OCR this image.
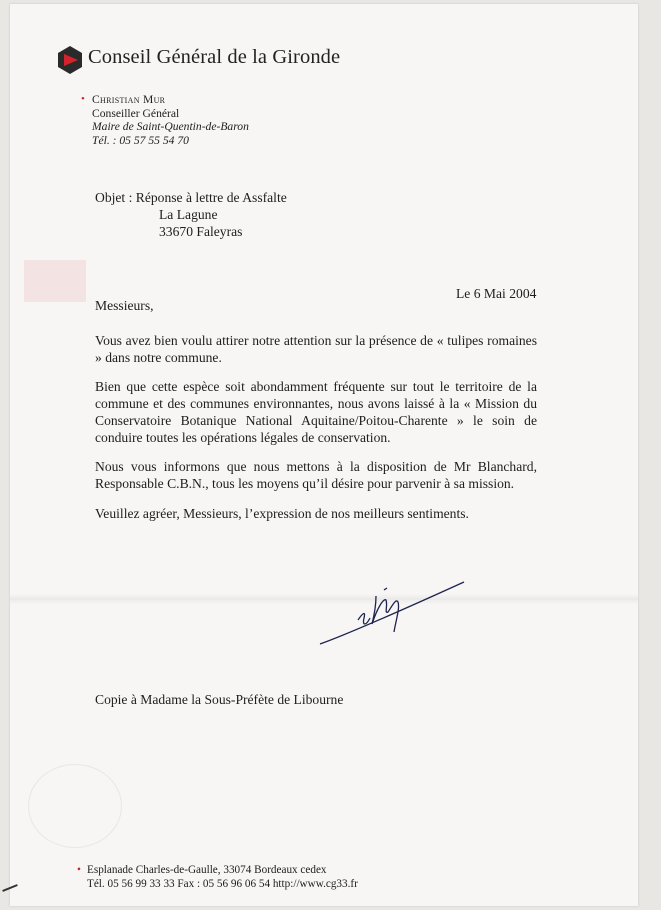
Conseil Général de la Gironde
• Christian Mur
Conseiller Général
Maire de Saint-Quentin-de-Baron
Tél. : 05 57 55 54 70
Objet : Réponse à lettre de Assfalte
La Lagune
33670 Faleyras
Le 6 Mai 2004
Messieurs,
Vous avez bien voulu attirer notre attention sur la présence de « tulipes romaines » dans notre commune.
Bien que cette espèce soit abondamment fréquente sur tout le territoire de la commune et des communes environnantes, nous avons laissé à la « Mission du Conservatoire Botanique National Aquitaine/Poitou-Charente » le soin de conduire toutes les opérations légales de conservation.
Nous vous informons que nous mettons à la disposition de Mr Blanchard, Responsable C.B.N., tous les moyens qu’il désire pour parvenir à sa mission.
Veuillez agréer, Messieurs, l’expression de nos meilleurs sentiments.
Copie à Madame la Sous-Préfète de Libourne
• Esplanade Charles-de-Gaulle, 33074 Bordeaux cedex
Tél. 05 56 99 33 33 Fax : 05 56 96 06 54 http://www.cg33.fr
